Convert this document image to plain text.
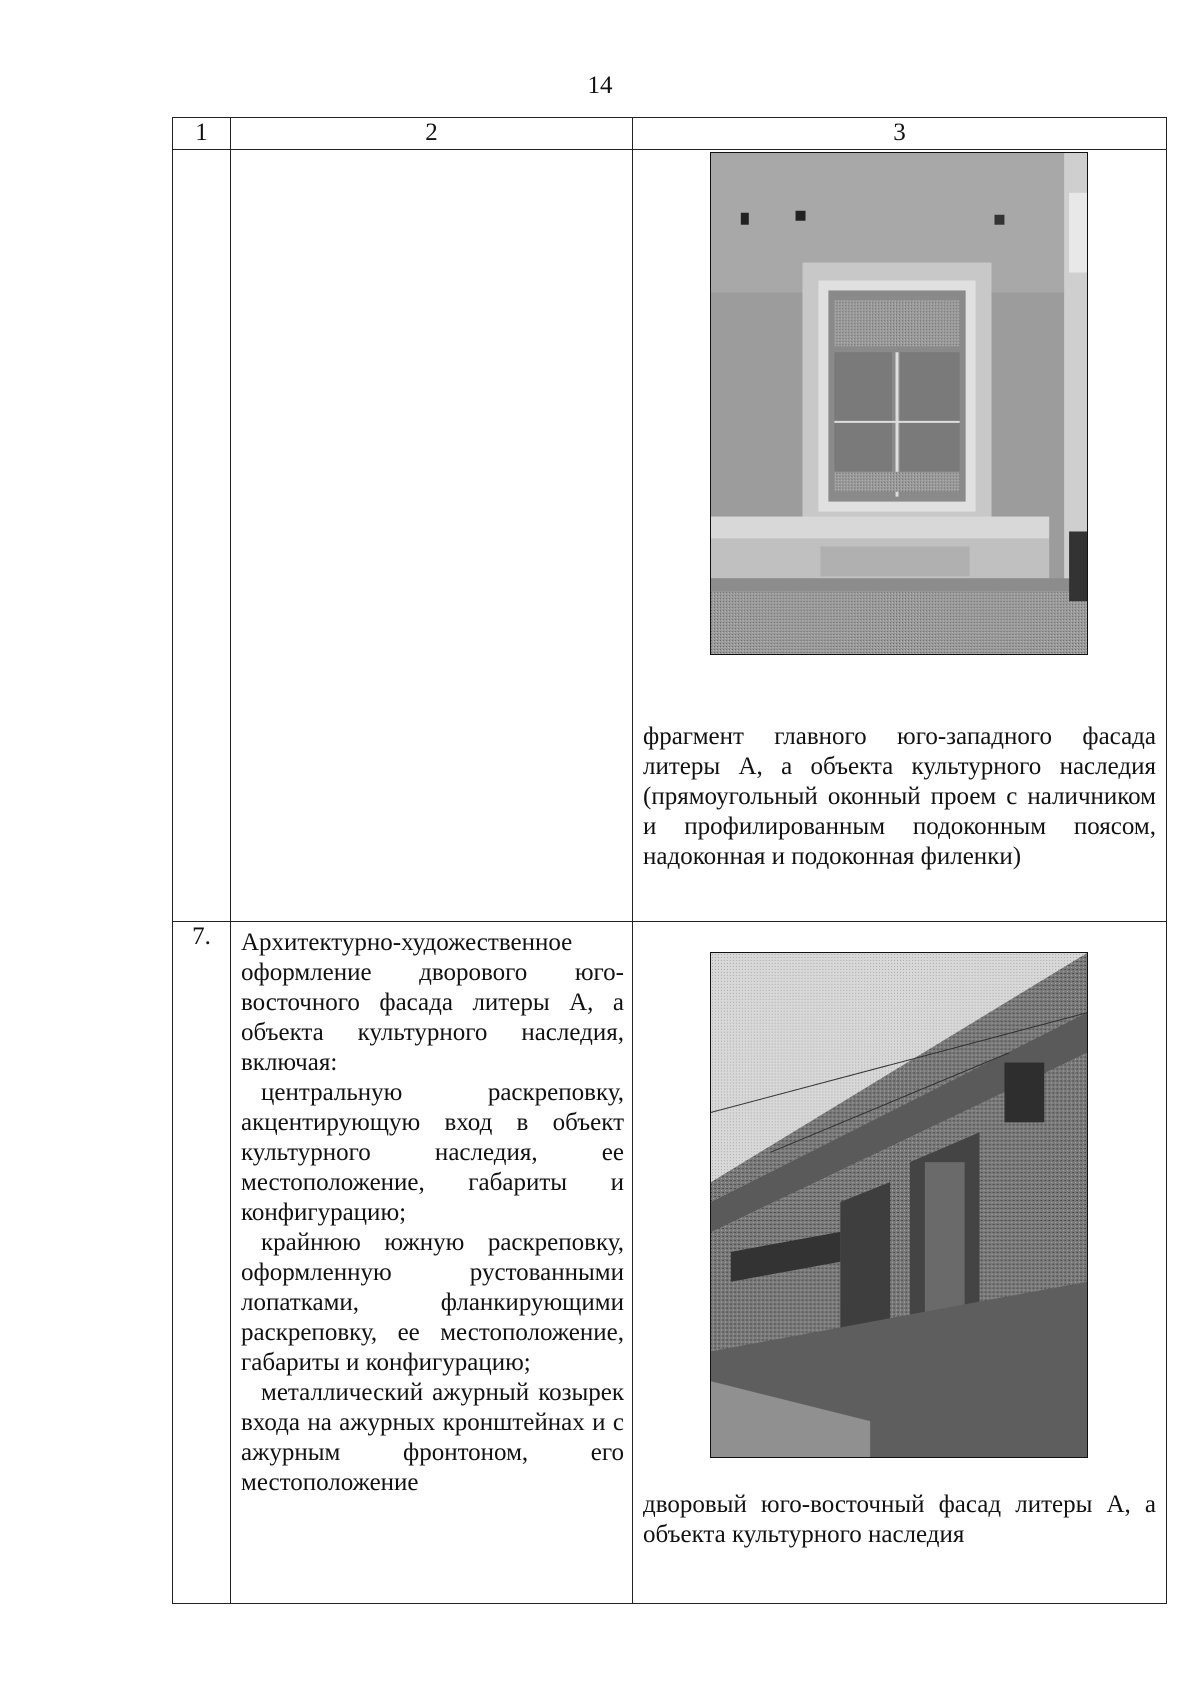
14
1	2	3

		фрагмент главного юго-западного фасада литеры А, а объекта культурного наследия (прямоугольный оконный проем с наличником и профилированным подоконным поясом, надоконная и подоконная филенки)

7.	Архитектурно-художественное оформление дворового юго-восточного фасада литеры А, а объекта культурного наследия, включая:

центральную раскреповку, акцентирующую вход в объект культурного наследия, ее местоположение, габариты и конфигурацию;

крайнюю южную раскреповку, оформленную рустованными лопатками, фланкирующими раскреповку, ее местоположение, габариты и конфигурацию;

металлический ажурный козырек входа на ажурных кронштейнах и с ажурным фронтоном, его местоположение	дворовый юго-восточный фасад литеры А, а объекта культурного наследия
